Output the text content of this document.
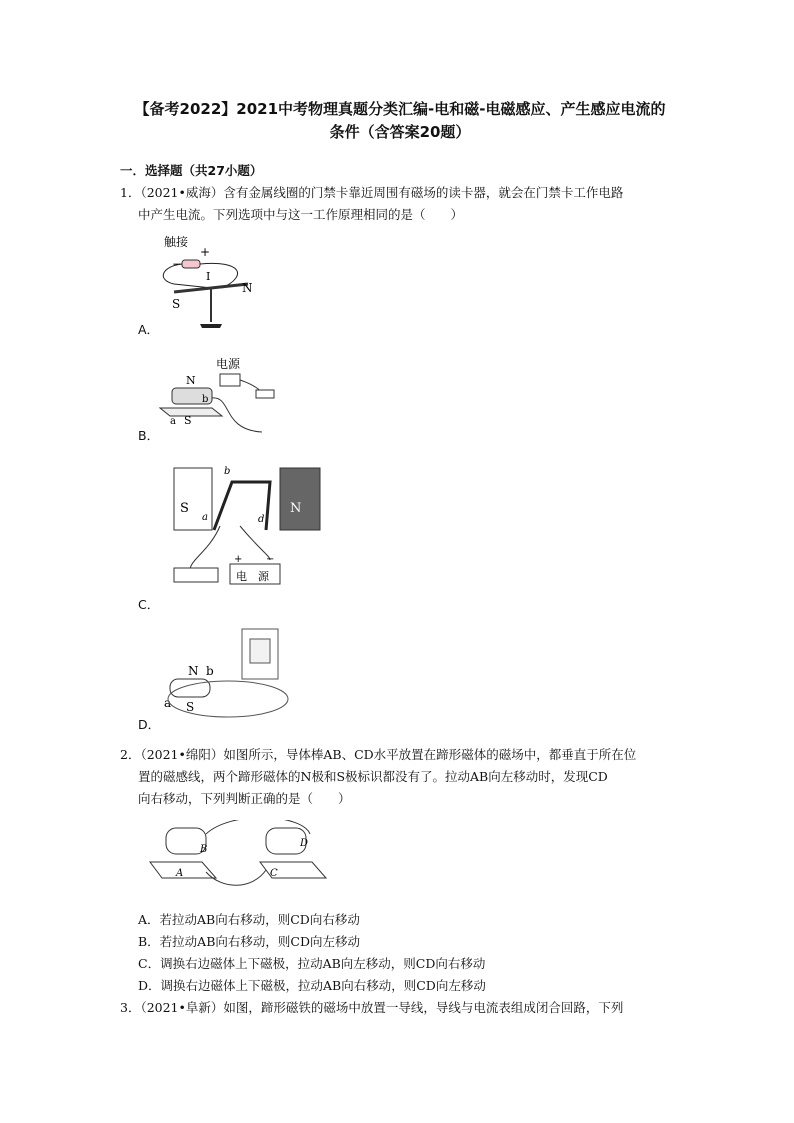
【备考2022】2021中考物理真题分类汇编-电和磁-电磁感应、产生感应电流的
条件（含答案20题）
一．选择题（共27小题）
1．（2021•威海）含有金属线圈的门禁卡靠近周围有磁场的读卡器，就会在门禁卡工作电路
中产生电流。下列选项中与这一工作原理相同的是（　　）
触接
+
−
I
S
N
A．
电源
N
b
a S
B．
S
a
b
d
N
电　源
+ −
C．
N b
a S
D．
2．（2021•绵阳）如图所示，导体棒AB、CD水平放置在蹄形磁体的磁场中，都垂直于所在位
置的磁感线，两个蹄形磁体的N极和S极标识都没有了。拉动AB向左移动时，发现CD
向右移动，下列判断正确的是（　　）
B
A
D
C
A．若拉动AB向右移动，则CD向右移动
B．若拉动AB向右移动，则CD向左移动
C．调换右边磁体上下磁极，拉动AB向左移动，则CD向右移动
D．调换右边磁体上下磁极，拉动AB向右移动，则CD向左移动
3．（2021•阜新）如图，蹄形磁铁的磁场中放置一导线，导线与电流表组成闭合回路，下列
